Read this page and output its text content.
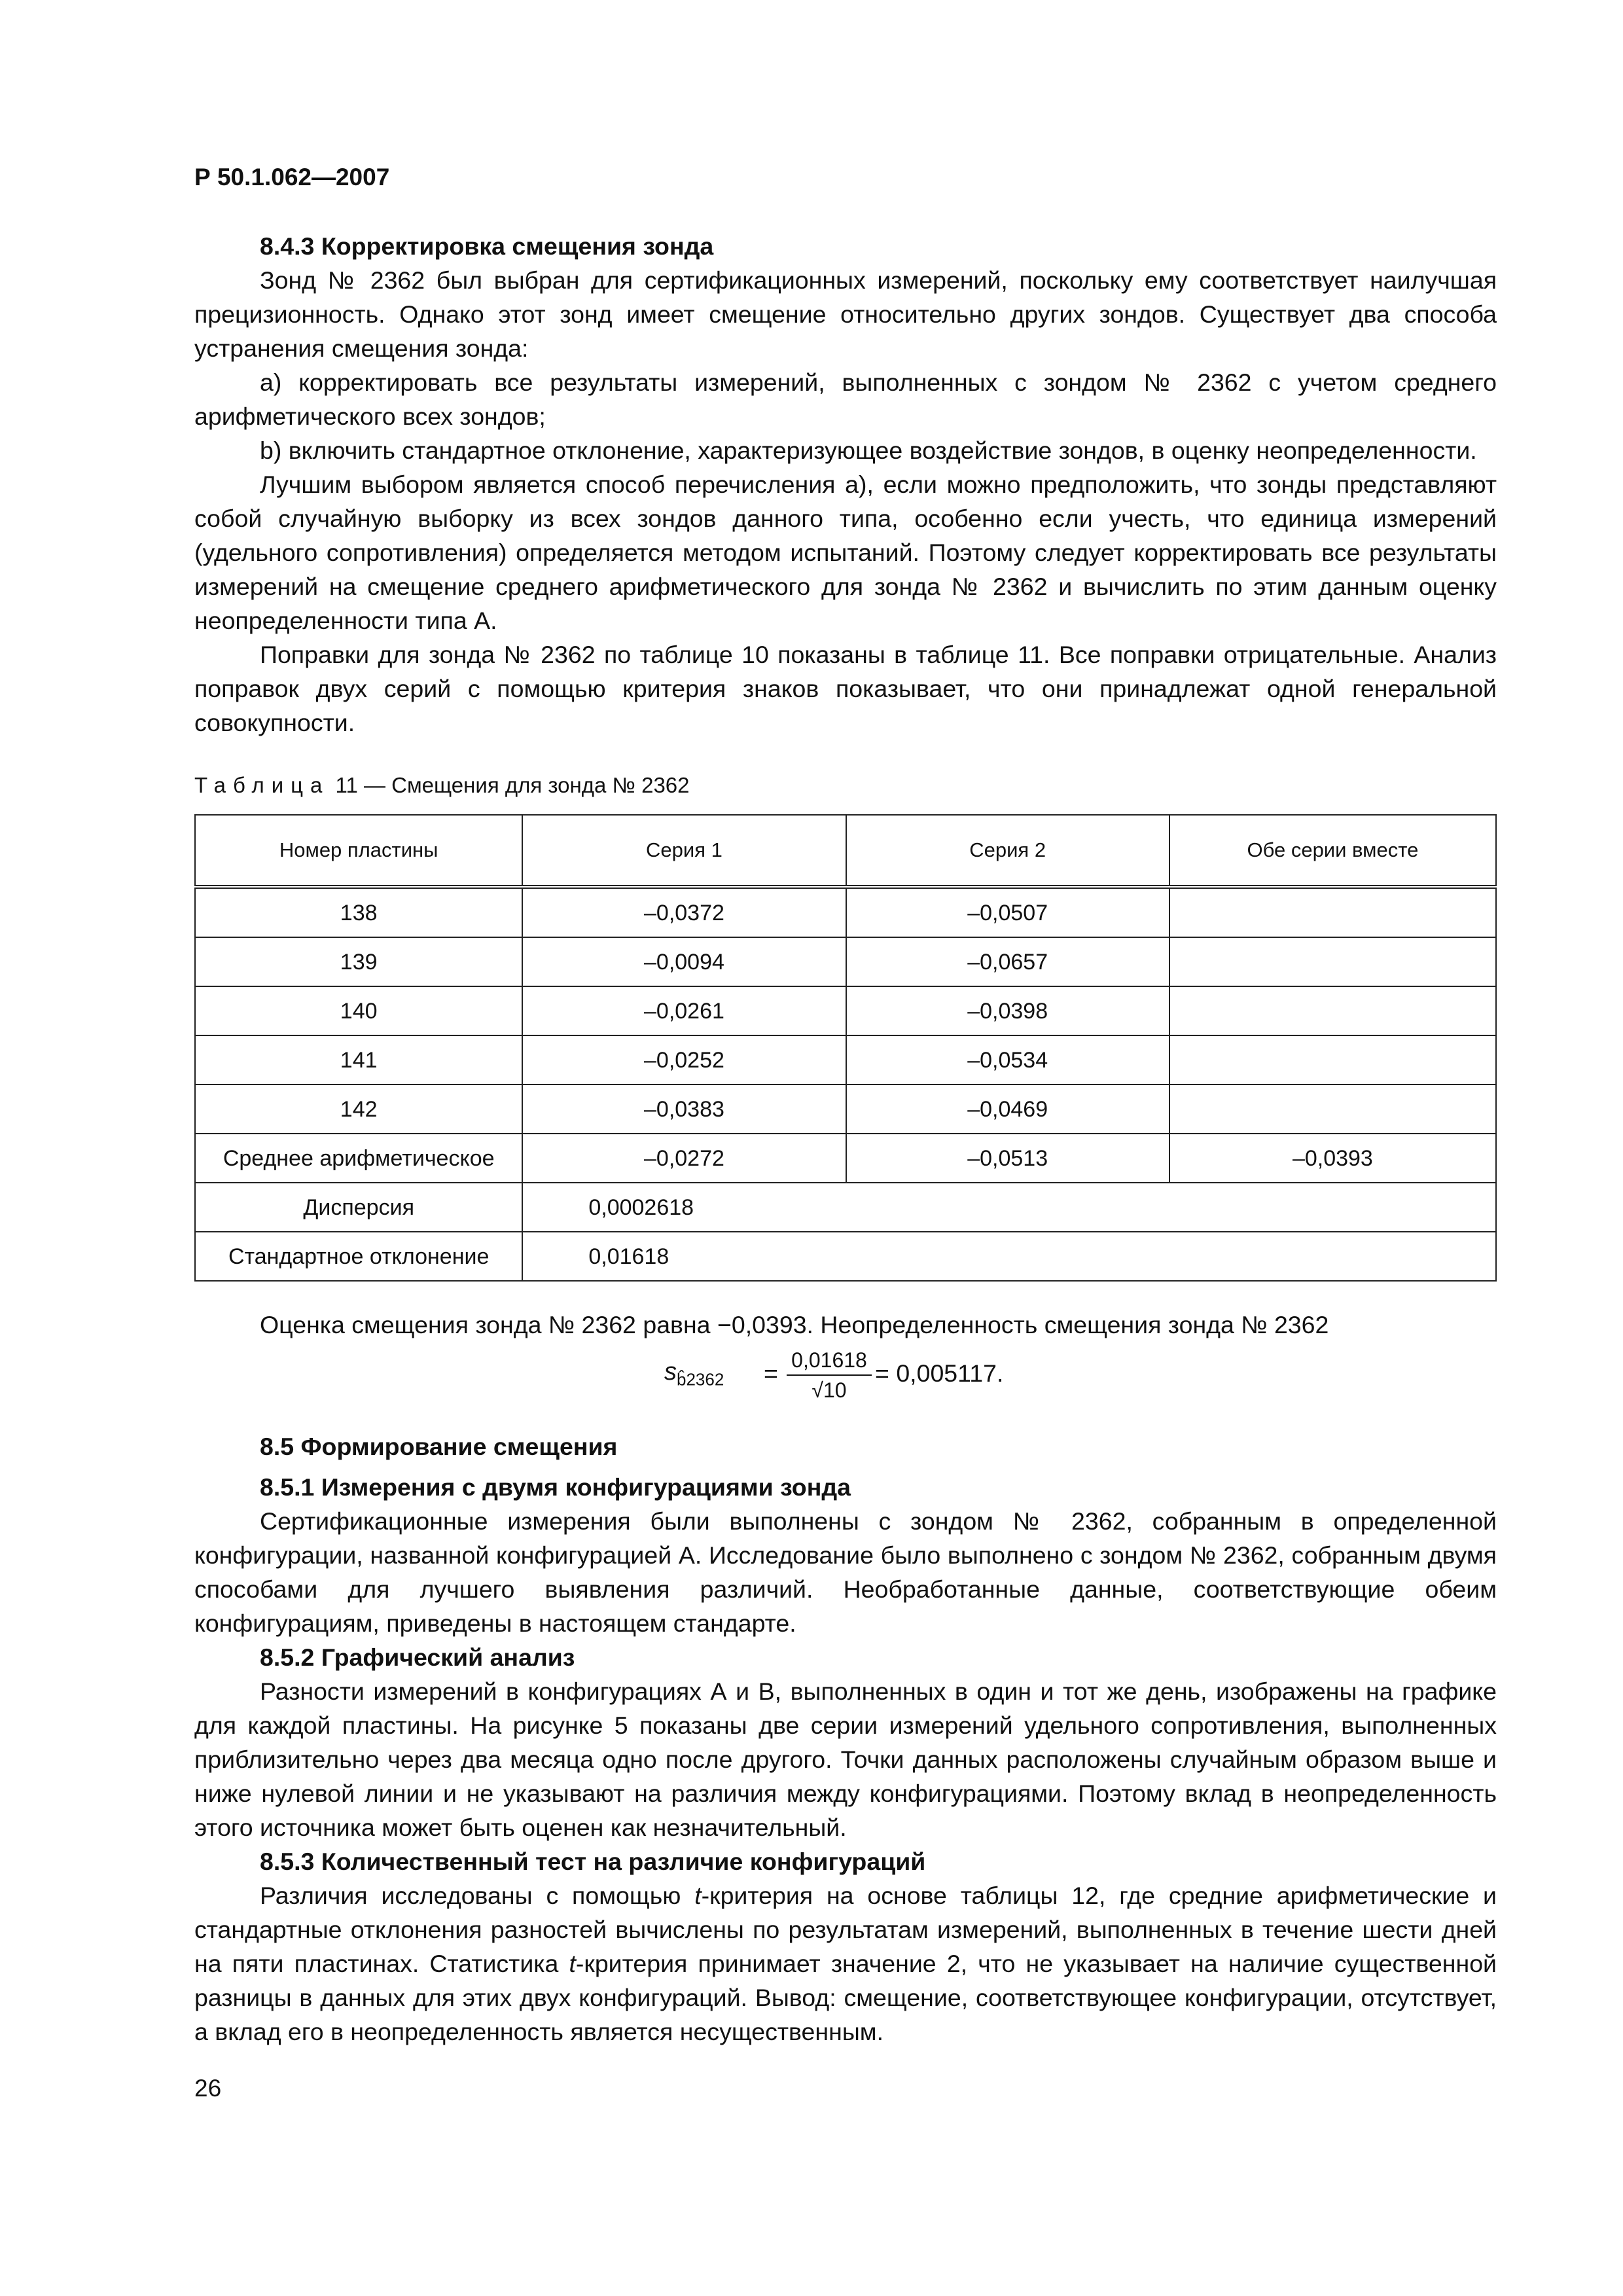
Р 50.1.062—2007

8.4.3 Корректировка смещения зонда

Зонд № 2362 был выбран для сертификационных измерений, поскольку ему соответствует наилучшая прецизионность. Однако этот зонд имеет смещение относительно других зондов. Существует два способа устранения смещения зонда:

а) корректировать все результаты измерений, выполненных с зондом № 2362 с учетом среднего арифметического всех зондов;

b) включить стандартное отклонение, характеризующее воздействие зондов, в оценку неопределенности.

Лучшим выбором является способ перечисления а), если можно предположить, что зонды представляют собой случайную выборку из всех зондов данного типа, особенно если учесть, что единица измерений (удельного сопротивления) определяется методом испытаний. Поэтому следует корректировать все результаты измерений на смещение среднего арифметического для зонда № 2362 и вычислить по этим данным оценку неопределенности типа А.

Поправки для зонда № 2362 по таблице 10 показаны в таблице 11. Все поправки отрицательные. Анализ поправок двух серий с помощью критерия знаков показывает, что они принадлежат одной генеральной совокупности.

Таблица 11 — Смещения для зонда № 2362
Номер пластины	Серия 1	Серия 2	Обе серии вместе
138	–0,0372	–0,0507	
139	–0,0094	–0,0657	
140	–0,0261	–0,0398	
141	–0,0252	–0,0534	
142	–0,0383	–0,0469	
Среднее арифметическое	–0,0272	–0,0513	–0,0393
Дисперсия	0,0002618		
Стандартное отклонение	0,01618		

Оценка смещения зонда № 2362 равна −0,0393. Неопределенность смещения зонда № 2362

$s_{b̂2362} = \frac{0,01618}{√10} = 0,005117$.

8.5 Формирование смещения

8.5.1 Измерения с двумя конфигурациями зонда

Сертификационные измерения были выполнены с зондом № 2362, собранным в определенной конфигурации, названной конфигурацией А. Исследование было выполнено с зондом № 2362, собранным двумя способами для лучшего выявления различий. Необработанные данные, соответствующие обеим конфигурациям, приведены в настоящем стандарте.

8.5.2 Графический анализ

Разности измерений в конфигурациях А и В, выполненных в один и тот же день, изображены на графике для каждой пластины. На рисунке 5 показаны две серии измерений удельного сопротивления, выполненных приблизительно через два месяца одно после другого. Точки данных расположены случайным образом выше и ниже нулевой линии и не указывают на различия между конфигурациями. Поэтому вклад в неопределенность этого источника может быть оценен как незначительный.

8.5.3 Количественный тест на различие конфигураций

Различия исследованы с помощью t-критерия на основе таблицы 12, где средние арифметические и стандартные отклонения разностей вычислены по результатам измерений, выполненных в течение шести дней на пяти пластинах. Статистика t-критерия принимает значение 2, что не указывает на наличие существенной разницы в данных для этих двух конфигураций. Вывод: смещение, соответствующее конфигурации, отсутствует, а вклад его в неопределенность является несущественным.

26
